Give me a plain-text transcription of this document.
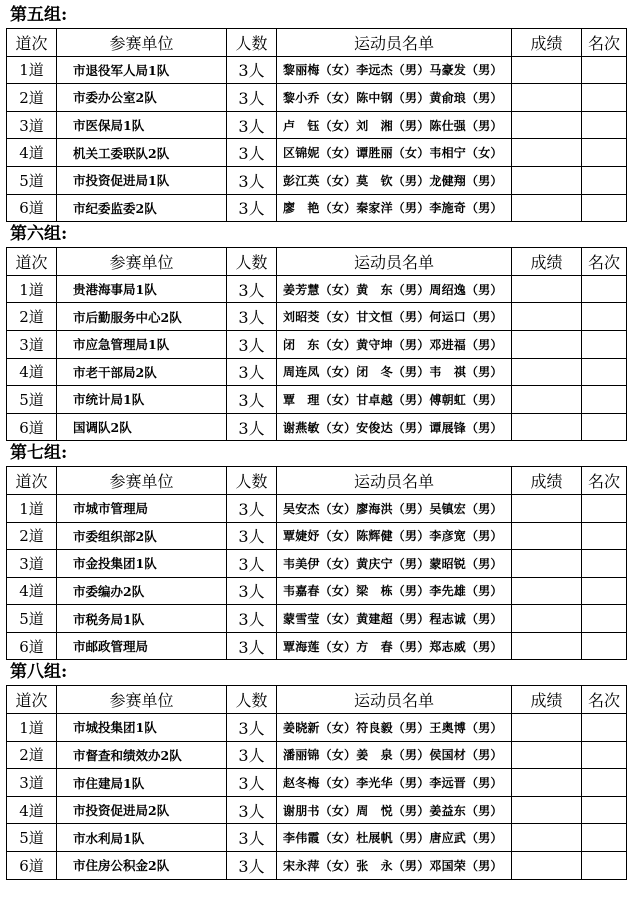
第五组:
道次	参赛单位	人数	运动员名单	成绩	名次
1道	市退役军人局1队	3人	黎丽梅（女）李远杰（男）马豪发（男）		
2道	市委办公室2队	3人	黎小乔（女）陈中钢（男）黄俞琅（男）		
3道	市医保局1队	3人	卢　钰（女）刘　湘（男）陈仕强（男）		
4道	机关工委联队2队	3人	区锦妮（女）谭胜丽（女）韦相宁（女）		
5道	市投资促进局1队	3人	彭江英（女）莫　钦（男）龙健翔（男）		
6道	市纪委监委2队	3人	廖　艳（女）秦家洋（男）李施奇（男）		
第六组:
道次	参赛单位	人数	运动员名单	成绩	名次
1道	贵港海事局1队	3人	姜芳慧（女）黄　东（男）周绍逸（男）		
2道	市后勤服务中心2队	3人	刘昭茭（女）甘文恒（男）何运口（男）		
3道	市应急管理局1队	3人	闭　东（女）黄守坤（男）邓进福（男）		
4道	市老干部局2队	3人	周连凤（女）闭　冬（男）韦　祺（男）		
5道	市统计局1队	3人	覃　理（女）甘卓越（男）傅朝虹（男）		
6道	国调队2队	3人	谢燕敏（女）安俊达（男）谭展锋（男）		
第七组:
道次	参赛单位	人数	运动员名单	成绩	名次
1道	市城市管理局	3人	吴安杰（女）廖海洪（男）吴镇宏（男）		
2道	市委组织部2队	3人	覃婕妤（女）陈辉健（男）李彦宽（男）		
3道	市金投集团1队	3人	韦美伊（女）黄庆宁（男）蒙昭锐（男）		
4道	市委编办2队	3人	韦嘉春（女）梁　栋（男）李先雄（男）		
5道	市税务局1队	3人	蒙雪莹（女）黄建超（男）程志诚（男）		
6道	市邮政管理局	3人	覃海莲（女）方　春（男）郑志威（男）		
第八组:
道次	参赛单位	人数	运动员名单	成绩	名次
1道	市城投集团1队	3人	姜晓新（女）符良毅（男）王奥博（男）		
2道	市督查和绩效办2队	3人	潘丽锦（女）姜　泉（男）侯国材（男）		
3道	市住建局1队	3人	赵冬梅（女）李光华（男）李远晋（男）		
4道	市投资促进局2队	3人	谢朋书（女）周　悦（男）姜益东（男）		
5道	市水利局1队	3人	李伟霞（女）杜展帆（男）唐应武（男）		
6道	市住房公积金2队	3人	宋永萍（女）张　永（男）邓国荣（男）		
